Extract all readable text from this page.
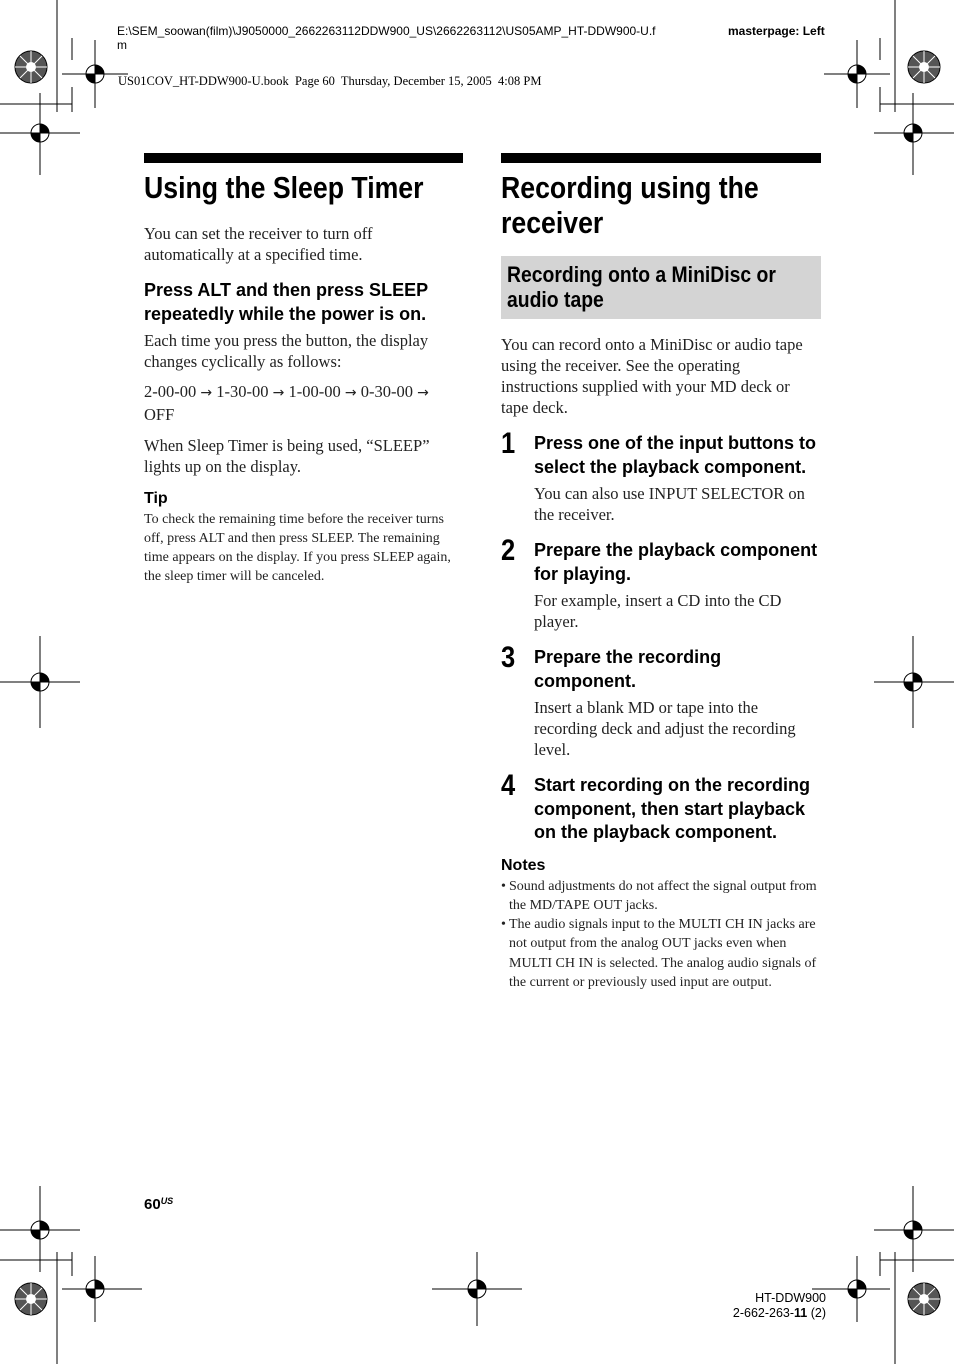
E:\SEM_soowan(film)\J9050000_2662263112DDW900_US\2662263112\US05AMP_HT-DDW900-U.fm
masterpage: Left
US01COV_HT-DDW900-U.book  Page 60  Thursday, December 15, 2005  4:08 PM
Using the Sleep Timer
You can set the receiver to turn off automatically at a specified time.
Press ALT and then press SLEEP repeatedly while the power is on.
Each time you press the button, the display changes cyclically as follows:
2-00-00 → 1-30-00 → 1-00-00 → 0-30-00 → OFF
When Sleep Timer is being used, “SLEEP” lights up on the display.
Tip
To check the remaining time before the receiver turns off, press ALT and then press SLEEP. The remaining time appears on the display. If you press SLEEP again, the sleep timer will be canceled.
Recording using the receiver
Recording onto a MiniDisc or audio tape
You can record onto a MiniDisc or audio tape using the receiver. See the operating instructions supplied with your MD deck or tape deck.
1 Press one of the input buttons to select the playback component.
You can also use INPUT SELECTOR on the receiver.
2 Prepare the playback component for playing.
For example, insert a CD into the CD player.
3 Prepare the recording component.
Insert a blank MD or tape into the recording deck and adjust the recording level.
4 Start recording on the recording component, then start playback on the playback component.
Notes
• Sound adjustments do not affect the signal output from the MD/TAPE OUT jacks.
• The audio signals input to the MULTI CH IN jacks are not output from the analog OUT jacks even when MULTI CH IN is selected. The analog audio signals of the current or previously used input are output.
$60^{US}$
HT-DDW900
2-662-263-11 (2)
